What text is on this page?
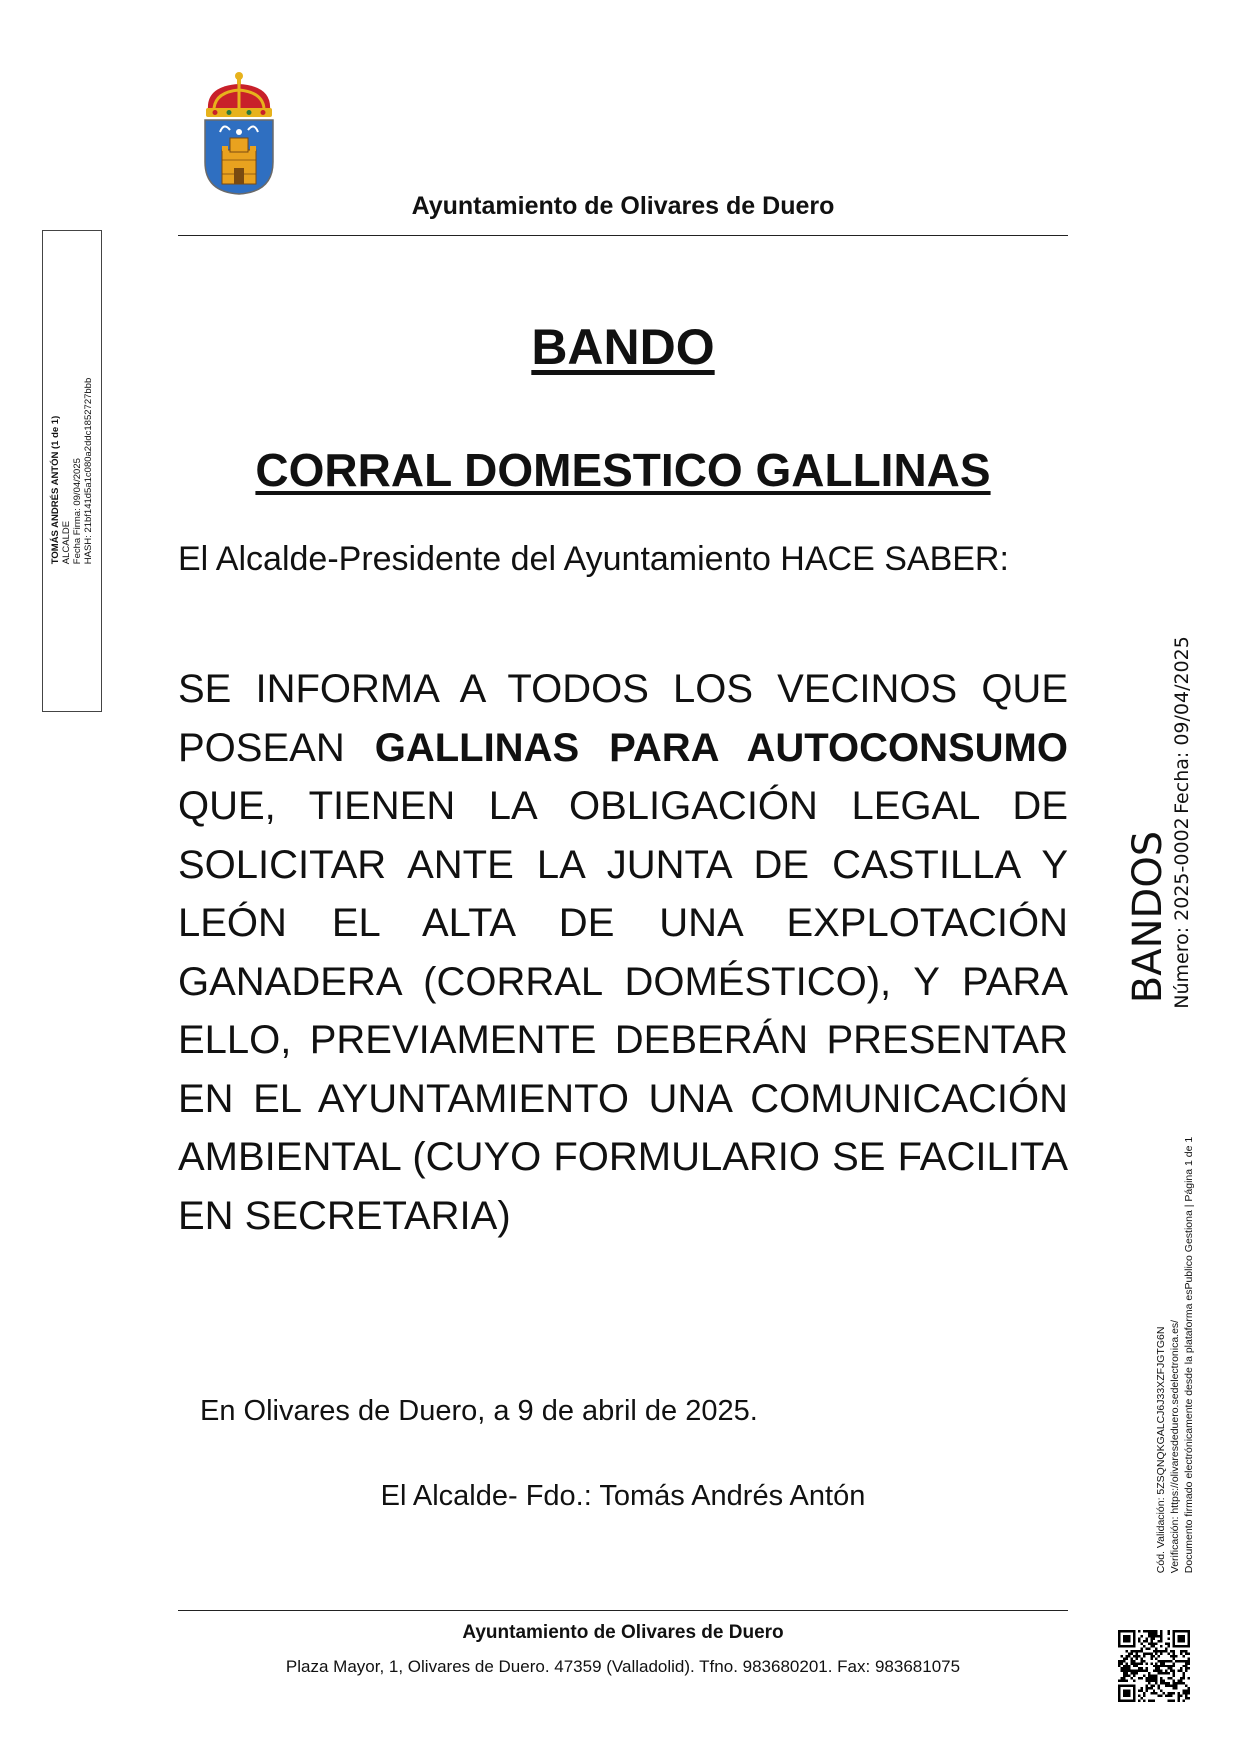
Ayuntamiento de Olivares de Duero
BANDO
CORRAL DOMESTICO GALLINAS
El Alcalde-Presidente del Ayuntamiento HACE SABER:
SE INFORMA A TODOS LOS VECINOS QUE POSEAN GALLINAS PARA AUTOCONSUMO QUE, TIENEN LA OBLIGACIÓN LEGAL DE SOLICITAR ANTE LA JUNTA DE CASTILLA Y LEÓN EL ALTA DE UNA EXPLOTACIÓN GANADERA (CORRAL DOMÉSTICO), Y PARA ELLO, PREVIAMENTE DEBERÁN PRESENTAR EN EL AYUNTAMIENTO UNA COMUNICACIÓN AMBIENTAL (CUYO FORMULARIO SE FACILITA EN SECRETARIA)
En Olivares de Duero, a 9 de abril de 2025.
El Alcalde- Fdo.: Tomás Andrés Antón
Ayuntamiento de Olivares de Duero
Plaza Mayor, 1, Olivares de Duero. 47359 (Valladolid). Tfno. 983680201. Fax: 983681075
TOMÁS ANDRÉS ANTÓN (1 de 1) ALCALDE Fecha Firma: 09/04/2025 HASH: 21bf141d5a1c080a2ddc1852727bbb
BANDOS Número: 2025-0002
Fecha: 09/04/2025
Cód. Validación: 5ZSQNQKGALCJ6J33XZFJGTG6N Verificación: https://olivaresdeduero.sedelectronica.es/ Documento firmado electrónicamente desde la plataforma esPublico Gestiona | Página 1 de 1
